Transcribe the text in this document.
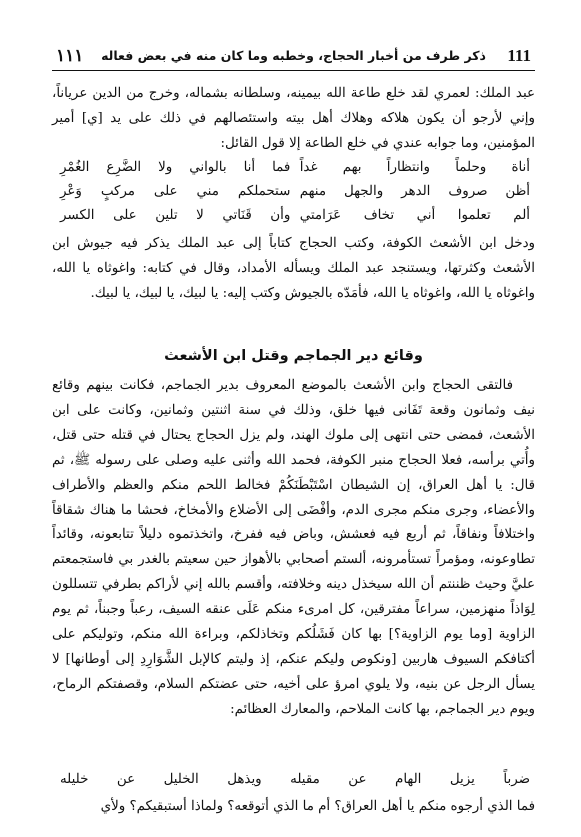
111
ذكر طرف من أخبار الحجاج، وخطبه وما كان منه في بعض فعاله
١١١

عبد الملك: لعمري لقد خلع طاعة الله بيمينه، وسلطانه بشماله، وخرج من الدين عرياناً، وإني لأرجو أن يكون هلاكه وهلاك أهل بيته واستئصالهم في ذلك على يد [ي] أمير المؤمنين، وما جوابه عندي في خلع الطاعة إلا قول القائل:

أناة وحلماً وانتظاراً بهم غداً
فما أنا بالواني ولا الضَّرِع الغُمْرِ
أظن صروف الدهر والجهل منهم
ستحملكم مني على مركبٍ وَعْرِ
ألم تعلموا أني تخاف عَرَامتي
وأن قَنَاتي لا تلين على الكسر

ودخل ابن الأشعث الكوفة، وكتب الحجاج كتاباً إلى عبد الملك يذكر فيه جيوش ابن الأشعث وكثرتها، ويستنجد عبد الملك ويسأله الأمداد، وقال في كتابه: واغوثاه يا الله، واغوثاه يا الله، واغوثاه يا الله، فأمَدّه بالجيوش وكتب إليه: يا لبيك، يا لبيك، يا لبيك.

وقائع دير الجماجم وقتل ابن الأشعث

فالتقى الحجاج وابن الأشعث بالموضع المعروف بدير الجماجم، فكانت بينهم وقائع نيف وثمانون وقعة تَفَانى فيها خلق، وذلك في سنة اثنتين وثمانين، وكانت على ابن الأشعث، فمضى حتى انتهى إلى ملوك الهند، ولم يزل الحجاج يحتال في قتله حتى قتل، وأُتي برأسه، فعلا الحجاج منبر الكوفة، فحمد الله وأثنى عليه وصلى على رسوله ﷺ، ثم قال: يا أهل العراق، إن الشيطان اسْتَبْطَنَكُمْ فخالط اللحم منكم والعظم والأطراف والأعضاء، وجرى منكم مجرى الدم، وأفْضَى إلى الأضلاع والأمخاخ، فحشا ما هناك شقاقاً واختلافاً ونفاقاً، ثم أربع فيه فعشش، وباض فيه ففرخ، واتخذتموه دليلاً تتابعونه، وقائداً تطاوعونه، ومؤمراً تستأمرونه، ألستم أصحابي بالأهواز حين سعيتم بالغدر بي فاستجمعتم عليَّ وحيث ظننتم أن الله سيخذل دينه وخلافته، وأقسم بالله إني لأراكم بطرفي تتسللون لِوَاذاً منهزمين، سراعاً مفترقين، كل امرىء منكم عَلَى عنقه السيف، رعباً وجبناً، ثم يوم الزاوية [وما يوم الزاوية؟] بها كان فَشَلُكم وتخاذلكم، وبراءة الله منكم، وتوليكم على أكتافكم السيوف هاربين [ونكوص وليكم عنكم، إذ وليتم كالإبل الشَّوَارِدِ إلى أوطانها] لا يسأل الرجل عن بنيه، ولا يلوي امرؤ على أخيه، حتى عضتكم السلام، وقصفتكم الرماح، ويوم دير الجماجم، بها كانت الملاحم، والمعارك العظائم:

ضرباً يزيل الهام عن مقيله ويذهل الخليل عن خليله
فما الذي أرجوه منكم يا أهل العراق؟ أم ما الذي أتوقعه؟ ولماذا أستبقيكم؟ ولأي
